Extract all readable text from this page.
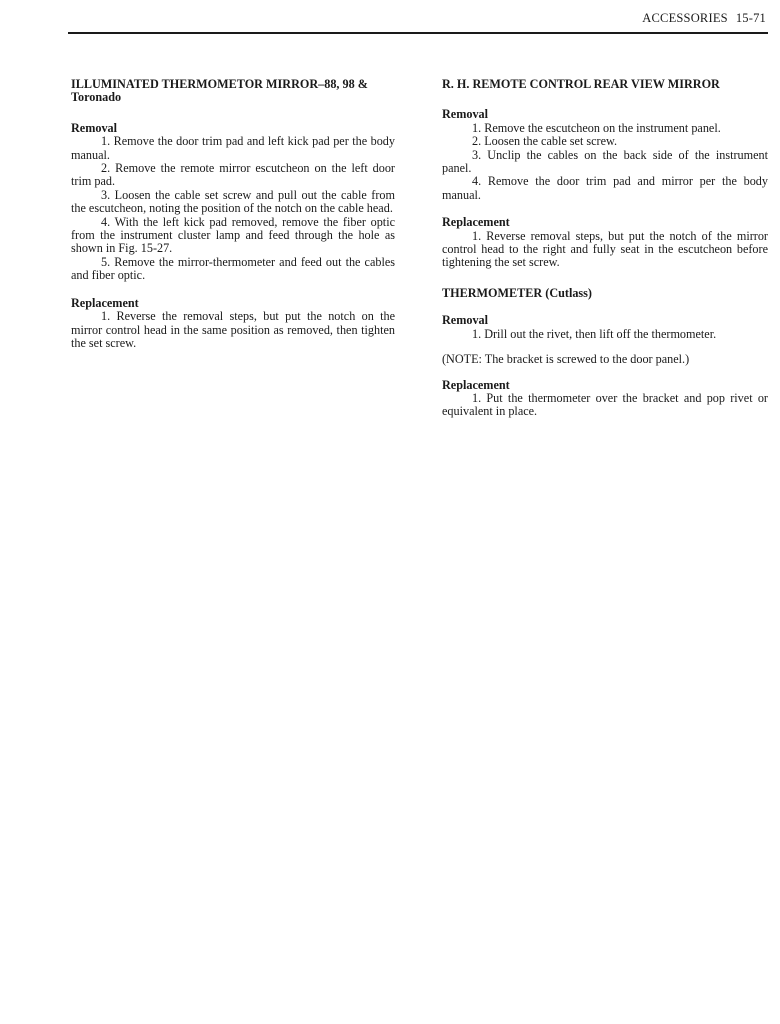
ACCESSORIES 15-71

ILLUMINATED THERMOMETOR MIRROR–88, 98 &
Toronado

Removal

1. Remove the door trim pad and left kick pad per the body manual.

2. Remove the remote mirror escutcheon on the left door trim pad.

3. Loosen the cable set screw and pull out the cable from the escutcheon, noting the position of the notch on the cable head.

4. With the left kick pad removed, remove the fiber optic from the instrument cluster lamp and feed through the hole as shown in Fig. 15-27.

5. Remove the mirror-thermometer and feed out the cables and fiber optic.

Replacement

1. Reverse the removal steps, but put the notch on the mirror control head in the same position as removed, then tighten the set screw.

R. H. REMOTE CONTROL REAR VIEW MIRROR

Removal

1. Remove the escutcheon on the instrument panel.

2. Loosen the cable set screw.

3. Unclip the cables on the back side of the instrument panel.

4. Remove the door trim pad and mirror per the body manual.

Replacement

1. Reverse removal steps, but put the notch of the mirror control head to the right and fully seat in the escutcheon before tightening the set screw.

THERMOMETER (Cutlass)

Removal

1. Drill out the rivet, then lift off the thermometer.

(NOTE: The bracket is screwed to the door panel.)

Replacement

1. Put the thermometer over the bracket and pop rivet or equivalent in place.
